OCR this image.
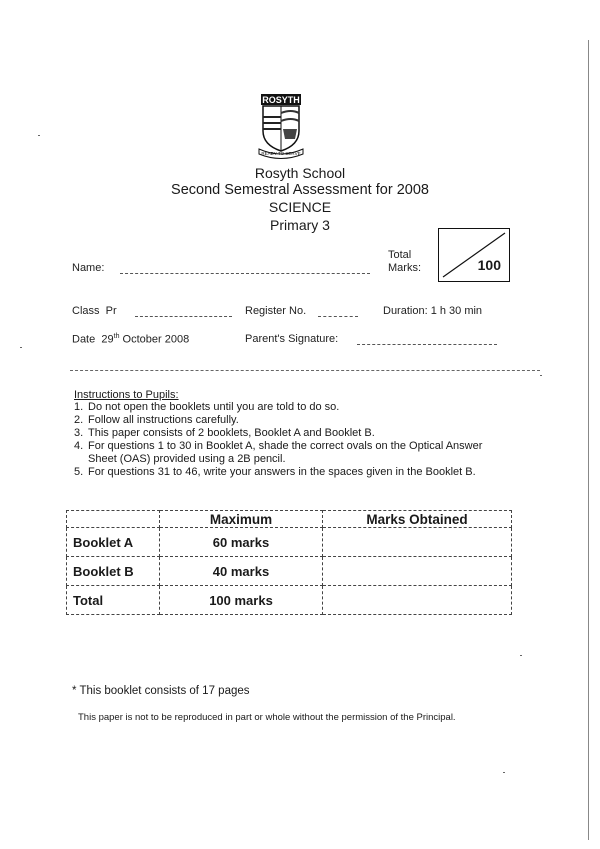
ROSYTH
READY TO SERVE
Rosyth School
Second Semestral Assessment for 2008
SCIENCE
Primary 3
Name:
Total
Marks:	100
Class Pr	Register No.	Duration: 1 h 30 min
Date 29th October 2008	Parent's Signature:
Instructions to Pupils:
1. Do not open the booklets until you are told to do so.
2. Follow all instructions carefully.
3. This paper consists of 2 booklets, Booklet A and Booklet B.
4. For questions 1 to 30 in Booklet A, shade the correct ovals on the Optical Answer Sheet (OAS) provided using a 2B pencil.
5. For questions 31 to 46, write your answers in the spaces given in the Booklet B.
	Maximum	Marks Obtained
Booklet A	60 marks	
Booklet B	40 marks	
Total	100 marks	
* This booklet consists of 17 pages
This paper is not to be reproduced in part or whole without the permission of the Principal.
